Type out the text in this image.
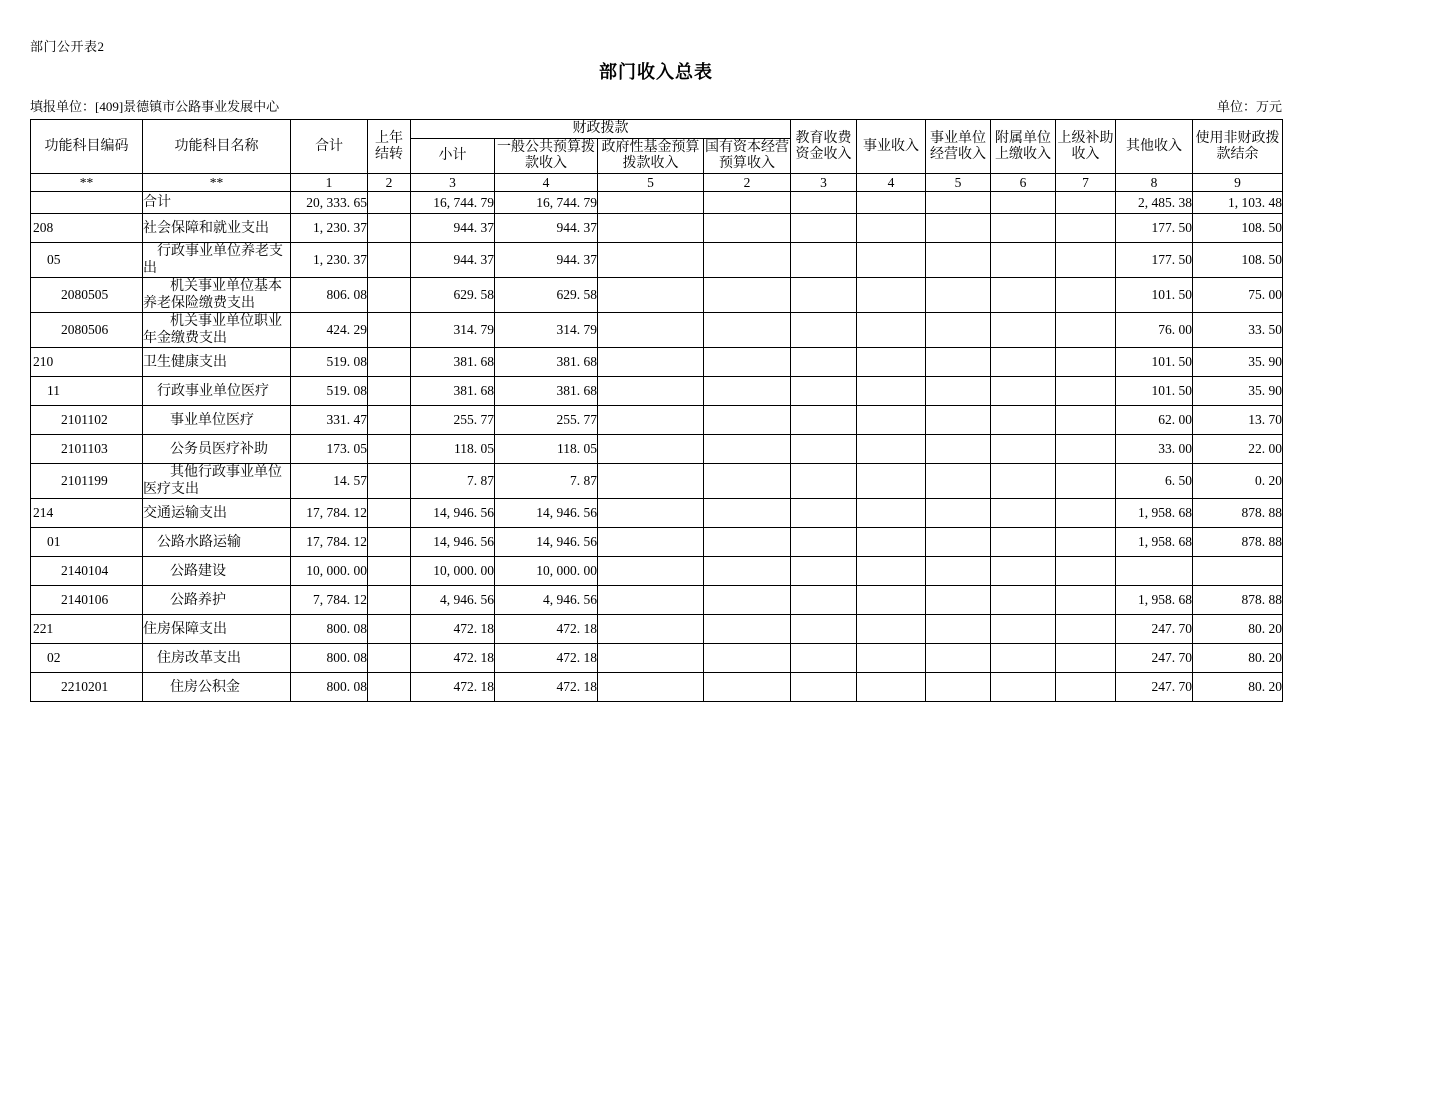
部门公开表2
部门收入总表
填报单位：[409]景德镇市公路事业发展中心	单位：万元
功能科目编码	功能科目名称	合计	上年结转	财政拨款				教育收费资金收入	事业收入	事业单位经营收入	附属单位上缴收入	上级补助收入	其他收入	使用非财政拨款结余
				小计	一般公共预算拨款收入	政府性基金预算拨款收入	国有资本经营预算收入							
**	**	1	2	3	4	5	2	3	4	5	6	7	8	9
	合计	20, 333. 65		16, 744. 79	16, 744. 79								2, 485. 38	1, 103. 48
208	社会保障和就业支出	1, 230. 37		944. 37	944. 37								177. 50	108. 50
05	行政事业单位养老支出	1, 230. 37		944. 37	944. 37								177. 50	108. 50
2080505	机关事业单位基本养老保险缴费支出	806. 08		629. 58	629. 58								101. 50	75. 00
2080506	机关事业单位职业年金缴费支出	424. 29		314. 79	314. 79								76. 00	33. 50
210	卫生健康支出	519. 08		381. 68	381. 68								101. 50	35. 90
11	行政事业单位医疗	519. 08		381. 68	381. 68								101. 50	35. 90
2101102	事业单位医疗	331. 47		255. 77	255. 77								62. 00	13. 70
2101103	公务员医疗补助	173. 05		118. 05	118. 05								33. 00	22. 00
2101199	其他行政事业单位医疗支出	14. 57		7. 87	7. 87								6. 50	0. 20
214	交通运输支出	17, 784. 12		14, 946. 56	14, 946. 56								1, 958. 68	878. 88
01	公路水路运输	17, 784. 12		14, 946. 56	14, 946. 56								1, 958. 68	878. 88
2140104	公路建设	10, 000. 00		10, 000. 00	10, 000. 00									
2140106	公路养护	7, 784. 12		4, 946. 56	4, 946. 56								1, 958. 68	878. 88
221	住房保障支出	800. 08		472. 18	472. 18								247. 70	80. 20
02	住房改革支出	800. 08		472. 18	472. 18								247. 70	80. 20
2210201	住房公积金	800. 08		472. 18	472. 18								247. 70	80. 20
